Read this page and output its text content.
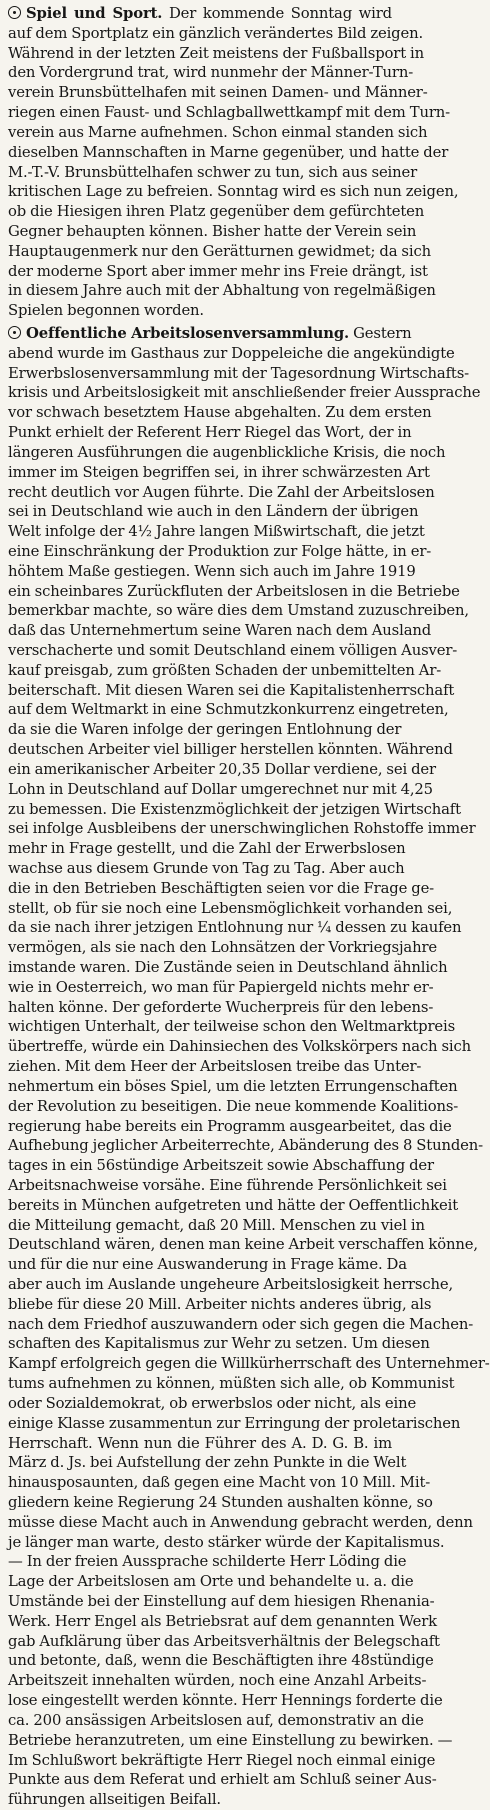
Spiel und Sport. Der kommende Sonntag wird
auf dem Sportplatz ein gänzlich verändertes Bild zeigen.
Während in der letzten Zeit meistens der Fußballsport in
den Vordergrund trat, wird nunmehr der Männer-Turn-
verein Brunsbüttelhafen mit seinen Damen- und Männer-
riegen einen Faust- und Schlagballwettkampf mit dem Turn-
verein aus Marne aufnehmen. Schon einmal standen sich
dieselben Mannschaften in Marne gegenüber, und hatte der
M.-T.-V. Brunsbüttelhafen schwer zu tun, sich aus seiner
kritischen Lage zu befreien. Sonntag wird es sich nun zeigen,
ob die Hiesigen ihren Platz gegenüber dem gefürchteten
Gegner behaupten können. Bisher hatte der Verein sein
Hauptaugenmerk nur den Gerätturnen gewidmet; da sich
der moderne Sport aber immer mehr ins Freie drängt, ist
in diesem Jahre auch mit der Abhaltung von regelmäßigen
Spielen begonnen worden.
Oeffentliche Arbeitslosenversammlung. Gestern
abend wurde im Gasthaus zur Doppeleiche die angekündigte
Erwerbslosenversammlung mit der Tagesordnung Wirtschafts-
krisis und Arbeitslosigkeit mit anschließender freier Aussprache
vor schwach besetztem Hause abgehalten. Zu dem ersten
Punkt erhielt der Referent Herr Riegel das Wort, der in
längeren Ausführungen die augenblickliche Krisis, die noch
immer im Steigen begriffen sei, in ihrer schwärzesten Art
recht deutlich vor Augen führte. Die Zahl der Arbeitslosen
sei in Deutschland wie auch in den Ländern der übrigen
Welt infolge der 4½ Jahre langen Mißwirtschaft, die jetzt
eine Einschränkung der Produktion zur Folge hätte, in er-
höhtem Maße gestiegen. Wenn sich auch im Jahre 1919
ein scheinbares Zurückfluten der Arbeitslosen in die Betriebe
bemerkbar machte, so wäre dies dem Umstand zuzuschreiben,
daß das Unternehmertum seine Waren nach dem Ausland
verschacherte und somit Deutschland einem völligen Ausver-
kauf preisgab, zum größten Schaden der unbemittelten Ar-
beiterschaft. Mit diesen Waren sei die Kapitalistenherrschaft
auf dem Weltmarkt in eine Schmutzkonkurrenz eingetreten,
da sie die Waren infolge der geringen Entlohnung der
deutschen Arbeiter viel billiger herstellen könnten. Während
ein amerikanischer Arbeiter 20,35 Dollar verdiene, sei der
Lohn in Deutschland auf Dollar umgerechnet nur mit 4,25
zu bemessen. Die Existenzmöglichkeit der jetzigen Wirtschaft
sei infolge Ausbleibens der unerschwinglichen Rohstoffe immer
mehr in Frage gestellt, und die Zahl der Erwerbslosen
wachse aus diesem Grunde von Tag zu Tag. Aber auch
die in den Betrieben Beschäftigten seien vor die Frage ge-
stellt, ob für sie noch eine Lebensmöglichkeit vorhanden sei,
da sie nach ihrer jetzigen Entlohnung nur ¼ dessen zu kaufen
vermögen, als sie nach den Lohnsätzen der Vorkriegsjahre
imstande waren. Die Zustände seien in Deutschland ähnlich
wie in Oesterreich, wo man für Papiergeld nichts mehr er-
halten könne. Der geforderte Wucherpreis für den lebens-
wichtigen Unterhalt, der teilweise schon den Weltmarktpreis
übertreffe, würde ein Dahinsiechen des Volkskörpers nach sich
ziehen. Mit dem Heer der Arbeitslosen treibe das Unter-
nehmertum ein böses Spiel, um die letzten Errungenschaften
der Revolution zu beseitigen. Die neue kommende Koalitions-
regierung habe bereits ein Programm ausgearbeitet, das die
Aufhebung jeglicher Arbeiterrechte, Abänderung des 8 Stunden-
tages in ein 56stündige Arbeitszeit sowie Abschaffung der
Arbeitsnachweise vorsähe. Eine führende Persönlichkeit sei
bereits in München aufgetreten und hätte der Oeffentlichkeit
die Mitteilung gemacht, daß 20 Mill. Menschen zu viel in
Deutschland wären, denen man keine Arbeit verschaffen könne,
und für die nur eine Auswanderung in Frage käme. Da
aber auch im Auslande ungeheure Arbeitslosigkeit herrsche,
bliebe für diese 20 Mill. Arbeiter nichts anderes übrig, als
nach dem Friedhof auszuwandern oder sich gegen die Machen-
schaften des Kapitalismus zur Wehr zu setzen. Um diesen
Kampf erfolgreich gegen die Willkürherrschaft des Unternehmer-
tums aufnehmen zu können, müßten sich alle, ob Kommunist
oder Sozialdemokrat, ob erwerbslos oder nicht, als eine
einige Klasse zusammentun zur Erringung der proletarischen
Herrschaft. Wenn nun die Führer des A. D. G. B. im
März d. Js. bei Aufstellung der zehn Punkte in die Welt
hinausposaunten, daß gegen eine Macht von 10 Mill. Mit-
gliedern keine Regierung 24 Stunden aushalten könne, so
müsse diese Macht auch in Anwendung gebracht werden, denn
je länger man warte, desto stärker würde der Kapitalismus.
— In der freien Aussprache schilderte Herr Löding die
Lage der Arbeitslosen am Orte und behandelte u. a. die
Umstände bei der Einstellung auf dem hiesigen Rhenania-
Werk. Herr Engel als Betriebsrat auf dem genannten Werk
gab Aufklärung über das Arbeitsverhältnis der Belegschaft
und betonte, daß, wenn die Beschäftigten ihre 48stündige
Arbeitszeit innehalten würden, noch eine Anzahl Arbeits-
lose eingestellt werden könnte. Herr Hennings forderte die
ca. 200 ansässigen Arbeitslosen auf, demonstrativ an die
Betriebe heranzutreten, um eine Einstellung zu bewirken. —
Im Schlußwort bekräftigte Herr Riegel noch einmal einige
Punkte aus dem Referat und erhielt am Schluß seiner Aus-
führungen allseitigen Beifall.
